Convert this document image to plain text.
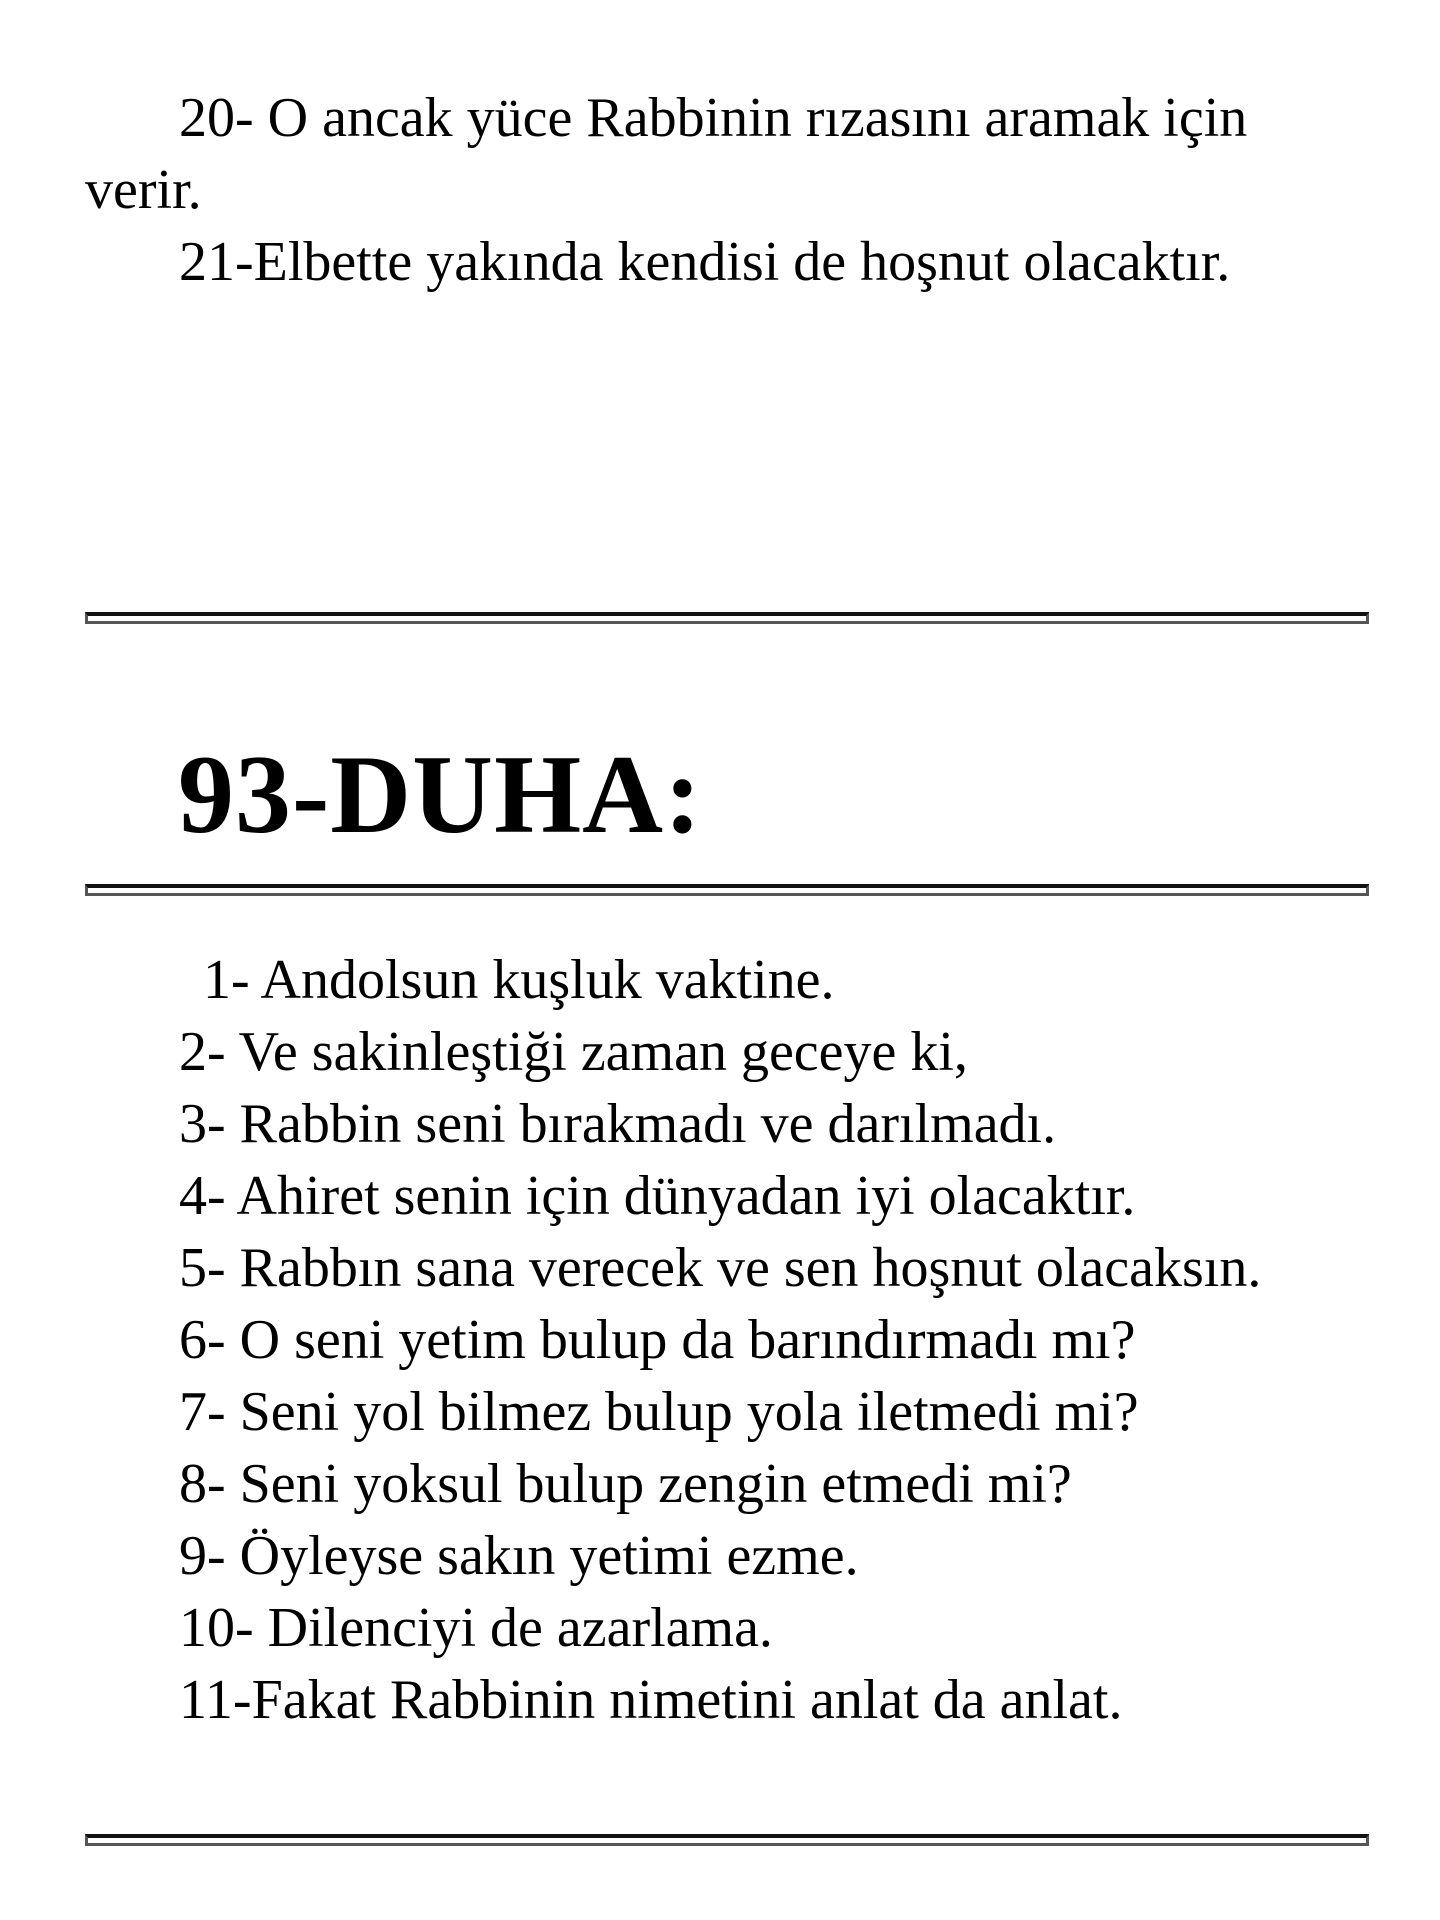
20- O ancak yüce Rabbinin rızasını aramak için verir.

21-Elbette yakında kendisi de hoşnut olacaktır.

93-DUHA:

1- Andolsun kuşluk vaktine.

2- Ve sakinleştiği zaman geceye ki,

3- Rabbin seni bırakmadı ve darılmadı.

4- Ahiret senin için dünyadan iyi olacaktır.

5- Rabbın sana verecek ve sen hoşnut olacaksın.

6- O seni yetim bulup da barındırmadı mı?

7- Seni yol bilmez bulup yola iletmedi mi?

8- Seni yoksul bulup zengin etmedi mi?

9- Öyleyse sakın yetimi ezme.

10- Dilenciyi de azarlama.

11-Fakat Rabbinin nimetini anlat da anlat.
